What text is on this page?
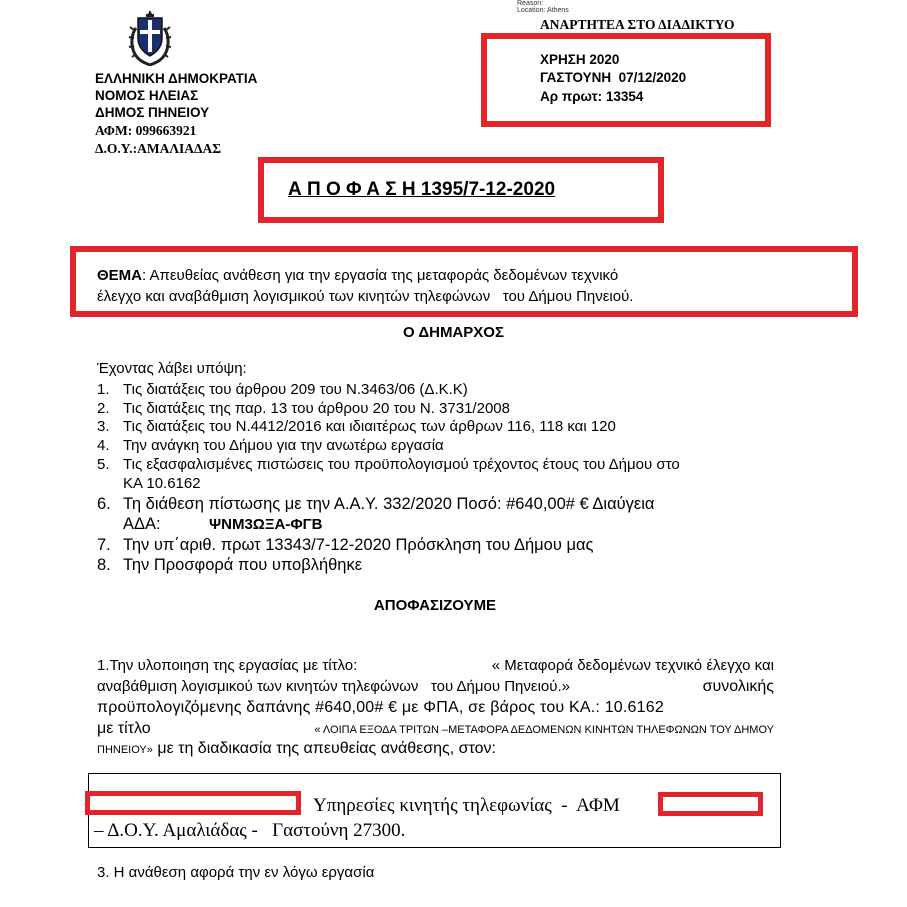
Reason:
Location: Athens
ΑΝΑΡΤΗΤΕΑ ΣΤΟ ΔΙΑΔΙΚΤΥΟ
ΕΛΛΗΝΙΚΗ ΔΗΜΟΚΡΑΤΙΑ
ΝΟΜΟΣ ΗΛΕΙΑΣ
ΔΗΜΟΣ ΠΗΝΕΙΟΥ
ΑΦΜ: 099663921
Δ.Ο.Υ.:ΑΜΑΛΙΑΔΑΣ
ΧΡΗΣΗ 2020
ΓΑΣΤΟΥΝΗ  07/12/2020
Αρ πρωτ: 13354
Α Π Ο Φ Α Σ Η 1395/7-12-2020
ΘΕΜΑ: Απευθείας ανάθεση για την εργασία της μεταφοράς δεδομένων τεχνικό
έλεγχο και αναβάθμιση λογισμικού των κινητών τηλεφώνων   του Δήμου Πηνειού.
Ο ΔΗΜΑΡΧΟΣ
Έχοντας λάβει υπόψη:
1. Τις διατάξεις του άρθρου 209 του Ν.3463/06 (Δ.Κ.Κ)
2. Τις διατάξεις της παρ. 13 του άρθρου 20 του Ν. 3731/2008
3. Τις διατάξεις του Ν.4412/2016 και ιδιαιτέρως των άρθρων 116, 118 και 120
4. Την ανάγκη του Δήμου για την ανωτέρω εργασία
5. Τις εξασφαλισμένες πιστώσεις του προϋπολογισμού τρέχοντος έτους του Δήμου στο
ΚΑ 10.6162
6. Τη διάθεση πίστωσης με την Α.Α.Υ. 332/2020 Ποσό: #640,00# € Διαύγεια
ΑΔΑ:	ΨΝΜ3ΩΞΑ-ΦΓΒ
7. Την υπ΄αριθ. πρωτ 13343/7-12-2020 Πρόσκληση του Δήμου μας
8. Την Προσφορά που υποβλήθηκε
ΑΠΟΦΑΣΙΖΟΥΜΕ
1.Την υλοποιηση της εργασίας με τίτλο:	« Μεταφορά δεδομένων τεχνικό έλεγχο και
αναβάθμιση λογισμικού των κινητών τηλεφώνων   του Δήμου Πηνειού.»	συνολικής
προϋπολογιζόμενης δαπάνης #640,00# € με ΦΠΑ, σε βάρος του ΚΑ.: 10.6162
με τίτλο	« ΛΟΙΠΑ ΕΞΟΔΑ ΤΡΙΤΩΝ –ΜΕΤΑΦΟΡΑ ΔΕΔΟΜΕΝΩΝ ΚΙΝΗΤΩΝ ΤΗΛΕΦΩΝΩΝ ΤΟΥ ΔΗΜΟΥ
ΠΗΝΕΙΟΥ» με τη διαδικασία της απευθείας ανάθεσης, στον:
Υπηρεσίες κινητής τηλεφωνίας  -  ΑΦΜ
– Δ.Ο.Υ. Αμαλιάδας -   Γαστούνη 27300.
3. Η ανάθεση αφορά την εν λόγω εργασία
